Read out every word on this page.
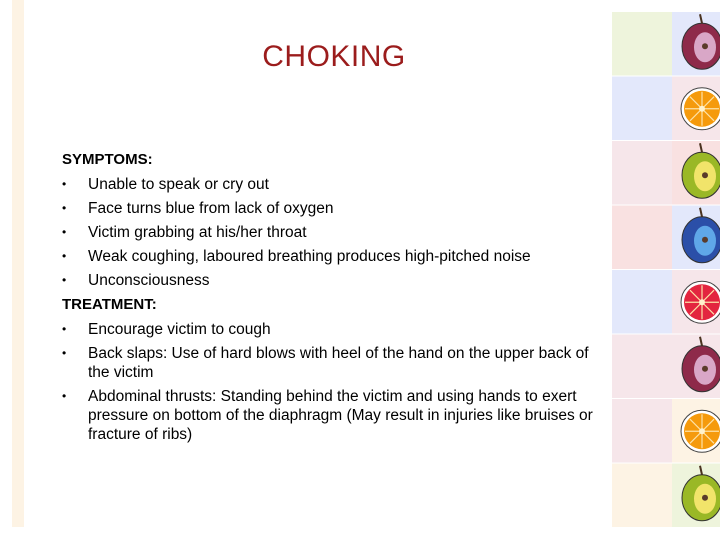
CHOKING
SYMPTOMS:
• Unable to speak or cry out
• Face turns blue from lack of oxygen
• Victim grabbing at his/her throat
• Weak coughing, laboured breathing produces high-pitched noise
• Unconsciousness
TREATMENT:
• Encourage victim to cough
• Back slaps: Use of hard blows with heel of the hand on the upper back of the victim
• Abdominal thrusts: Standing behind the victim and using hands to exert pressure on bottom of the diaphragm (May result in injuries like bruises or fracture of ribs)
